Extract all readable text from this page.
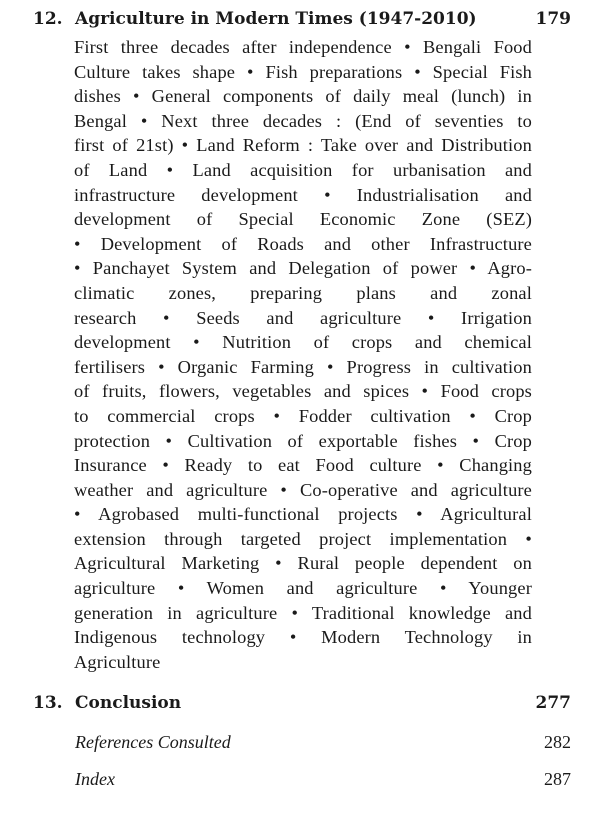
12. Agriculture in Modern Times (1947-2010)	179
First three decades after independence • Bengali Food
Culture takes shape • Fish preparations • Special Fish
dishes • General components of daily meal (lunch) in
Bengal • Next three decades : (End of seventies to
first of 21st) • Land Reform : Take over and Distribution
of Land • Land acquisition for urbanisation and
infrastructure development • Industrialisation and
development of Special Economic Zone (SEZ)
• Development of Roads and other Infrastructure
• Panchayet System and Delegation of power • Agro-
climatic zones, preparing plans and zonal
research • Seeds and agriculture • Irrigation
development • Nutrition of crops and chemical
fertilisers • Organic Farming • Progress in cultivation
of fruits, flowers, vegetables and spices • Food crops
to commercial crops • Fodder cultivation • Crop
protection • Cultivation of exportable fishes • Crop
Insurance • Ready to eat Food culture • Changing
weather and agriculture • Co-operative and agriculture
• Agrobased multi-functional projects • Agricultural
extension through targeted project implementation •
Agricultural Marketing • Rural people dependent on
agriculture • Women and agriculture • Younger
generation in agriculture • Traditional knowledge and
Indigenous technology • Modern Technology in
Agriculture
13. Conclusion	277
References Consulted	282
Index	287
